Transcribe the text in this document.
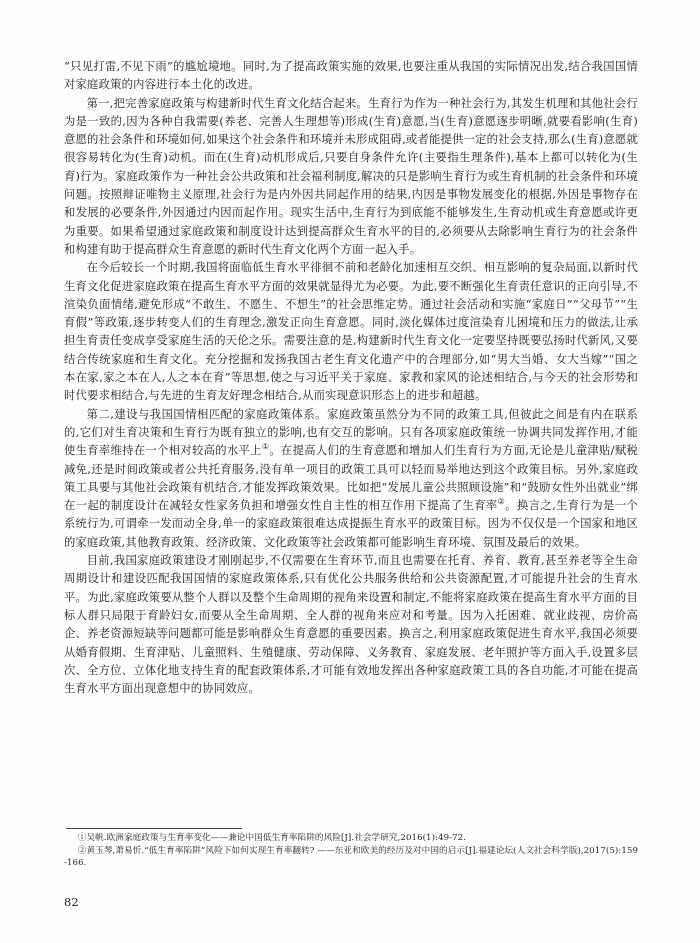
“只见打雷,不见下雨”的尴尬境地。同时,为了提高政策实施的效果,也要注重从我国的实际情况出发,结合我国国情对家庭政策的内容进行本土化的改进。

第一,把完善家庭政策与构建新时代生育文化结合起来。生育行为作为一种社会行为,其发生机理和其他社会行为是一致的,因为各种自我需要(养老、完善人生理想等)形成(生育)意愿,当(生育)意愿逐步明晰,就要看影响(生育)意愿的社会条件和环境如何,如果这个社会条件和环境并未形成阻碍,或者能提供一定的社会支持,那么(生育)意愿就很容易转化为(生育)动机。而在(生育)动机形成后,只要自身条件允许(主要指生理条件),基本上都可以转化为(生育)行为。家庭政策作为一种社会公共政策和社会福利制度,解决的只是影响生育行为或生育机制的社会条件和环境问题。按照辩证唯物主义原理,社会行为是内外因共同起作用的结果,内因是事物发展变化的根据,外因是事物存在和发展的必要条件,外因通过内因而起作用。现实生活中,生育行为到底能不能够发生,生育动机或生育意愿或许更为重要。如果希望通过家庭政策和制度设计达到提高群众生育水平的目的,必须要从去除影响生育行为的社会条件和构建有助于提高群众生育意愿的新时代生育文化两个方面一起入手。

在今后较长一个时期,我国将面临低生育水平徘徊不前和老龄化加速相互交织、相互影响的复杂局面,以新时代生育文化促进家庭政策在提高生育水平方面的效果就显得尤为必要。为此,要不断强化生育责任意识的正向引导,不渲染负面情绪,避免形成“不敢生、不愿生、不想生”的社会思维定势。通过社会活动和实施“家庭日”“父母节”“生育假”等政策,逐步转变人们的生育理念,激发正向生育意愿。同时,淡化媒体过度渲染育儿困境和压力的做法,让承担生育责任变成享受家庭生活的天伦之乐。需要注意的是,构建新时代生育文化一定要坚持既要弘扬时代新风,又要结合传统家庭和生育文化。充分挖掘和发扬我国古老生育文化遗产中的合理部分,如“男大当婚、女大当嫁”“国之本在家,家之本在人,人之本在育”等思想,使之与习近平关于家庭、家教和家风的论述相结合,与今天的社会形势和时代要求相结合,与先进的生育友好理念相结合,从而实现意识形态上的进步和超越。

第二,建设与我国国情相匹配的家庭政策体系。家庭政策虽然分为不同的政策工具,但彼此之间是有内在联系的,它们对生育决策和生育行为既有独立的影响,也有交互的影响。只有各项家庭政策统一协调共同发挥作用,才能使生育率维持在一个相对较高的水平上①。在提高人们的生育意愿和增加人们生育行为方面,无论是儿童津贴/赋税减免,还是时间政策或者公共托育服务,没有单一项目的政策工具可以轻而易举地达到这个政策目标。另外,家庭政策工具要与其他社会政策有机结合,才能发挥政策效果。比如把“发展儿童公共照顾设施”和“鼓励女性外出就业”绑在一起的制度设计在减轻女性家务负担和增强女性自主性的相互作用下提高了生育率②。换言之,生育行为是一个系统行为,可谓牵一发而动全身,单一的家庭政策很难达成提振生育水平的政策目标。因为不仅仅是一个国家和地区的家庭政策,其他教育政策、经济政策、文化政策等社会政策都可能影响生育环境、氛围及最后的效果。

目前,我国家庭政策建设才刚刚起步,不仅需要在生育环节,而且也需要在托育、养育、教育,甚至养老等全生命周期设计和建设匹配我国国情的家庭政策体系,只有优化公共服务供给和公共资源配置,才可能提升社会的生育水平。为此,家庭政策要从整个人群以及整个生命周期的视角来设置和制定,不能将家庭政策在提高生育水平方面的目标人群只局限于育龄妇女,而要从全生命周期、全人群的视角来应对和考量。因为入托困难、就业歧视、房价高企、养老资源短缺等问题都可能是影响群众生育意愿的重要因素。换言之,利用家庭政策促进生育水平,我国必须要从婚育假期、生育津贴、儿童照料、生殖健康、劳动保障、义务教育、家庭发展、老年照护等方面入手,设置多层次、全方位、立体化地支持生育的配套政策体系,才可能有效地发挥出各种家庭政策工具的各自功能,才可能在提高生育水平方面出现意想中的协同效应。

①吴帆.欧洲家庭政策与生育率变化——兼论中国低生育率陷阱的风险[J].社会学研究,2016(1):49-72.

②黄玉琴,萧易忻.“低生育率陷阱”风险下如何实现生育率翻转? ——东亚和欧美的经历及对中国的启示[J].福建论坛(人文社会科学版),2017(5):159-166.

82
